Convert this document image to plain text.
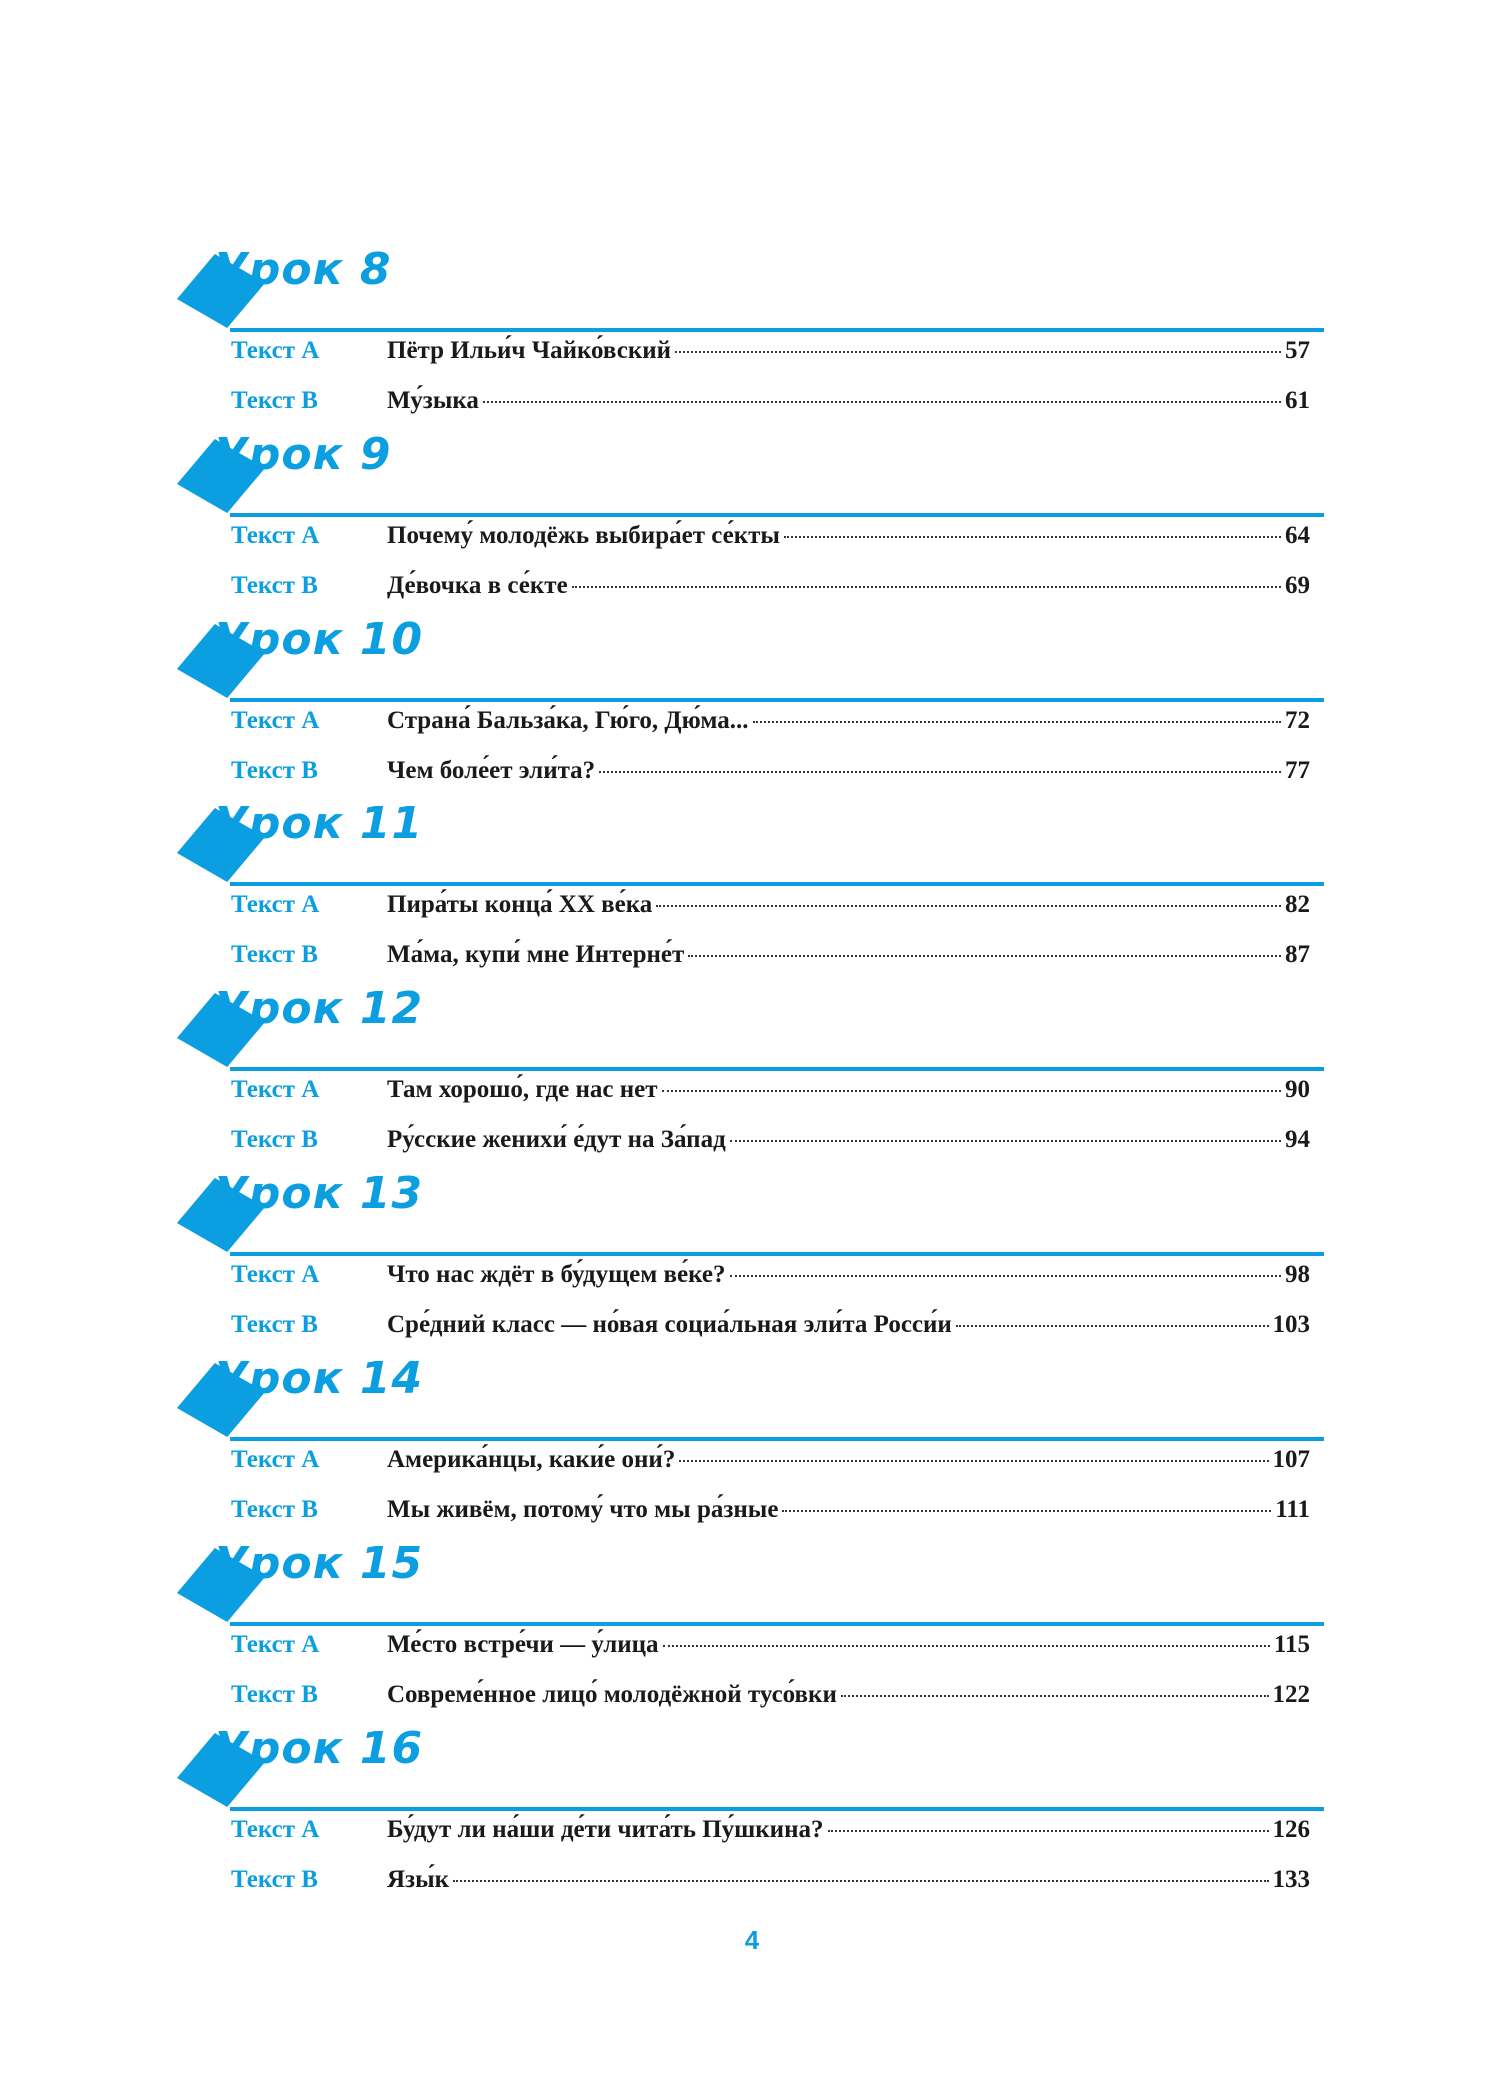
Урок 8
Текст А	Пётр Ильи́ч Чайко́вский	57
Текст В	Му́зыка	61
Урок 9
Текст А	Почему́ молодёжь выбира́ет се́кты	64
Текст В	Де́вочка в се́кте	69
Урок 10
Текст А	Страна́ Бальза́ка, Гю́го, Дю́ма...	72
Текст В	Чем боле́ет эли́та?	77
Урок 11
Текст А	Пира́ты конца́ XX ве́ка	82
Текст В	Ма́ма, купи́ мне Интерне́т	87
Урок 12
Текст А	Там хорошо́, где нас нет	90
Текст В	Ру́сские женихи́ е́дут на За́пад	94
Урок 13
Текст А	Что нас ждёт в бу́дущем ве́ке?	98
Текст В	Сре́дний класс — но́вая социа́льная эли́та Росси́и	103
Урок 14
Текст А	Америка́нцы, каки́е они́?	107
Текст В	Мы живём, потому́ что мы ра́зные	111
Урок 15
Текст А	Ме́сто встре́чи — у́лица	115
Текст В	Совреме́нное лицо́ молодёжной тусо́вки	122
Урок 16
Текст А	Бу́дут ли на́ши де́ти чита́ть Пу́шкина?	126
Текст В	Язы́к	133
4
